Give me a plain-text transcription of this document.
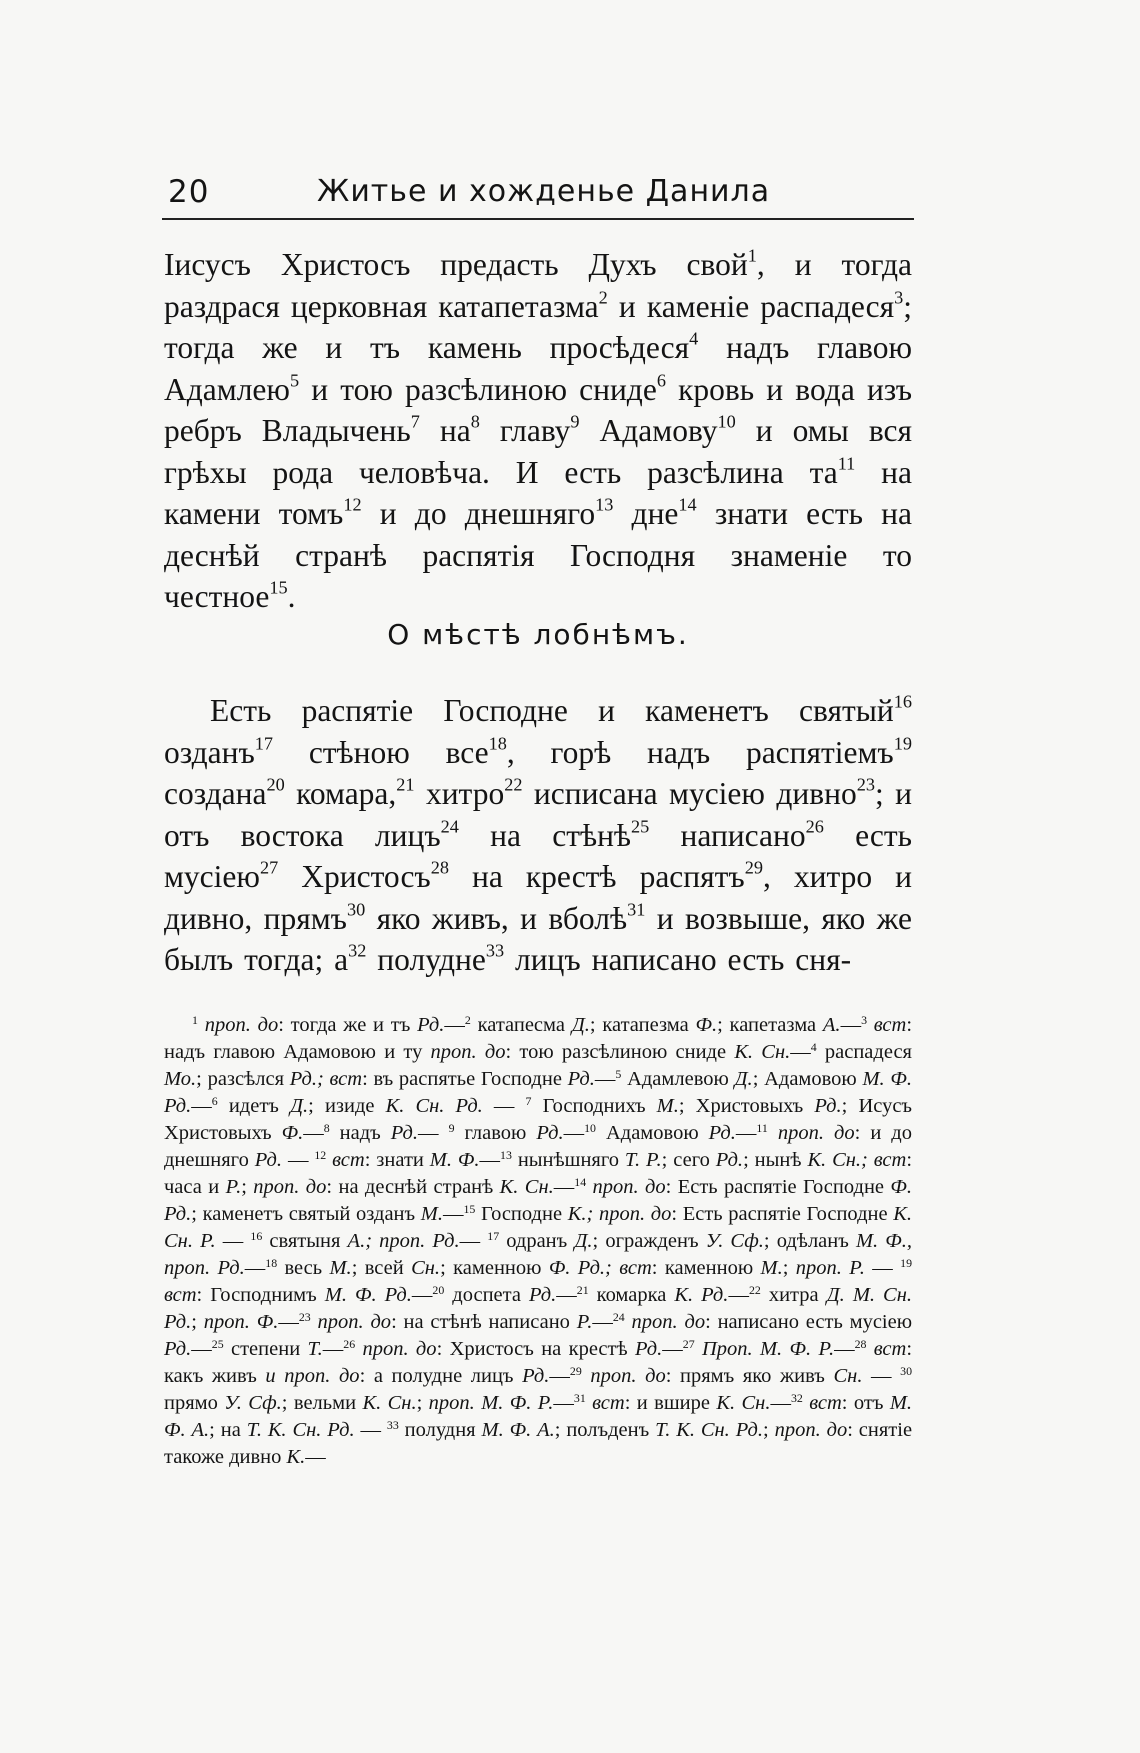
20	Житье и хожденье Данила
Іисусъ Христосъ предасть Духъ свой$^1$, и тогда раздрася церковная катапетазма$^2$ и каменіе распадеся$^3$; тогда же и тъ камень просѣдеся$^4$ надъ главою Адамлею$^5$ и тою разсѣлиною сниде$^6$ кровь и вода изъ ребръ Владычень$^7$ $на^8$ главу$^9$ Адамову$^{10}$ и омы вся грѣхы рода человѣча. И есть разсѣлина $та^{11}$ на камени томъ$^{12}$ и до днешняго$^{13}$ дне$^{14}$ знати есть на деснѣй странѣ распятія Господня знаменіе то честное$^{15}$.
О мѣстѣ лобнѣмъ.
Есть распятіе Господне и каменетъ святый$^{16}$ озданъ$^{17}$ стѣною все$^{18}$, горѣ надъ распятіемъ$^{19}$ создана$^{20}$ комара,$^{21}$ хитро$^{22}$ исписана мусіею дивно$^{23}$; и отъ востока лицъ$^{24}$ на стѣнѣ$^{25}$ написано$^{26}$ есть мусіею$^{27}$ Христосъ$^{28}$ на крестѣ распятъ$^{29}$, хитро и дивно, прямъ$^{30}$ яко живъ, и вболѣ$^{31}$ и возвыше, яко же былъ тогда; $а^{32}$ полудне$^{33}$ лицъ написано есть сня-
$^1$ проп. до: тогда же и тъ Рд.—$^2$ катапеcма Д.; катапезма Ф.; капетазма А.—$^3$ вст: надъ главою Адамовою и ту проп. до: тою разсѣлиною сниде К. Сн.—$^4$ распадеся Мо.; разсѣлся Рд.; вст: въ распятье Господне Рд.—$^5$ Адамлевою Д.; Адамовою М. Ф. Рд.—$^6$ идетъ Д.; изиде К. Сн. Рд. — $^7$ Господнихъ М.; Христовыхъ Рд.; Исусъ Христовыхъ Ф.—$^8$ надъ Рд.— $^9$ главою Рд.—$^{10}$ Адамовою Рд.—$^{11}$ проп. до: и до днешняго Рд. — $^{12}$ вст: знати М. Ф.—$^{13}$ нынѣшняго Т. Р.; сего Рд.; нынѣ К. Сн.; вст: часа и Р.; проп. до: на деснѣй странѣ К. Сн.—$^{14}$ проп. до: Есть распятіе Господне Ф. Рд.; каменетъ святый озданъ М.—$^{15}$ Господне К.; проп. до: Есть распятіе Господне К. Сн. Р. — $^{16}$ святыня А.; проп. Рд.— $^{17}$ одранъ Д.; огражденъ У. Сф.; одѣланъ М. Ф., проп. Рд.—$^{18}$ весь М.; всей Сн.; каменною Ф. Рд.; вст: каменною М.; проп. Р. — $^{19}$ вст: Господнимъ М. Ф. Рд.—$^{20}$ доспета Рд.—$^{21}$ комарка К. Рд.—$^{22}$ хитра Д. М. Сн. Рд.; проп. Ф.—$^{23}$ проп. до: на стѣнѣ написано Р.—$^{24}$ проп. до: написано есть мусіею Рд.—$^{25}$ степени Т.—$^{26}$ проп. до: Христосъ на крестѣ Рд.—$^{27}$ Проп. М. Ф. Р.—$^{28}$ вст: какъ живъ и проп. до: а полудне лицъ Рд.—$^{29}$ проп. до: прямъ яко живъ Сн. — $^{30}$ прямо У. Сф.; вельми К. Сн.; проп. М. Ф. Р.—$^{31}$ вст: и вшире К. Сн.—$^{32}$ вст: отъ М. Ф. А.; на Т. К. Сн. Рд. — $^{33}$ полудня М. Ф. А.; полъденъ Т. К. Сн. Рд.; проп. до: снятіе такоже дивно К.—
